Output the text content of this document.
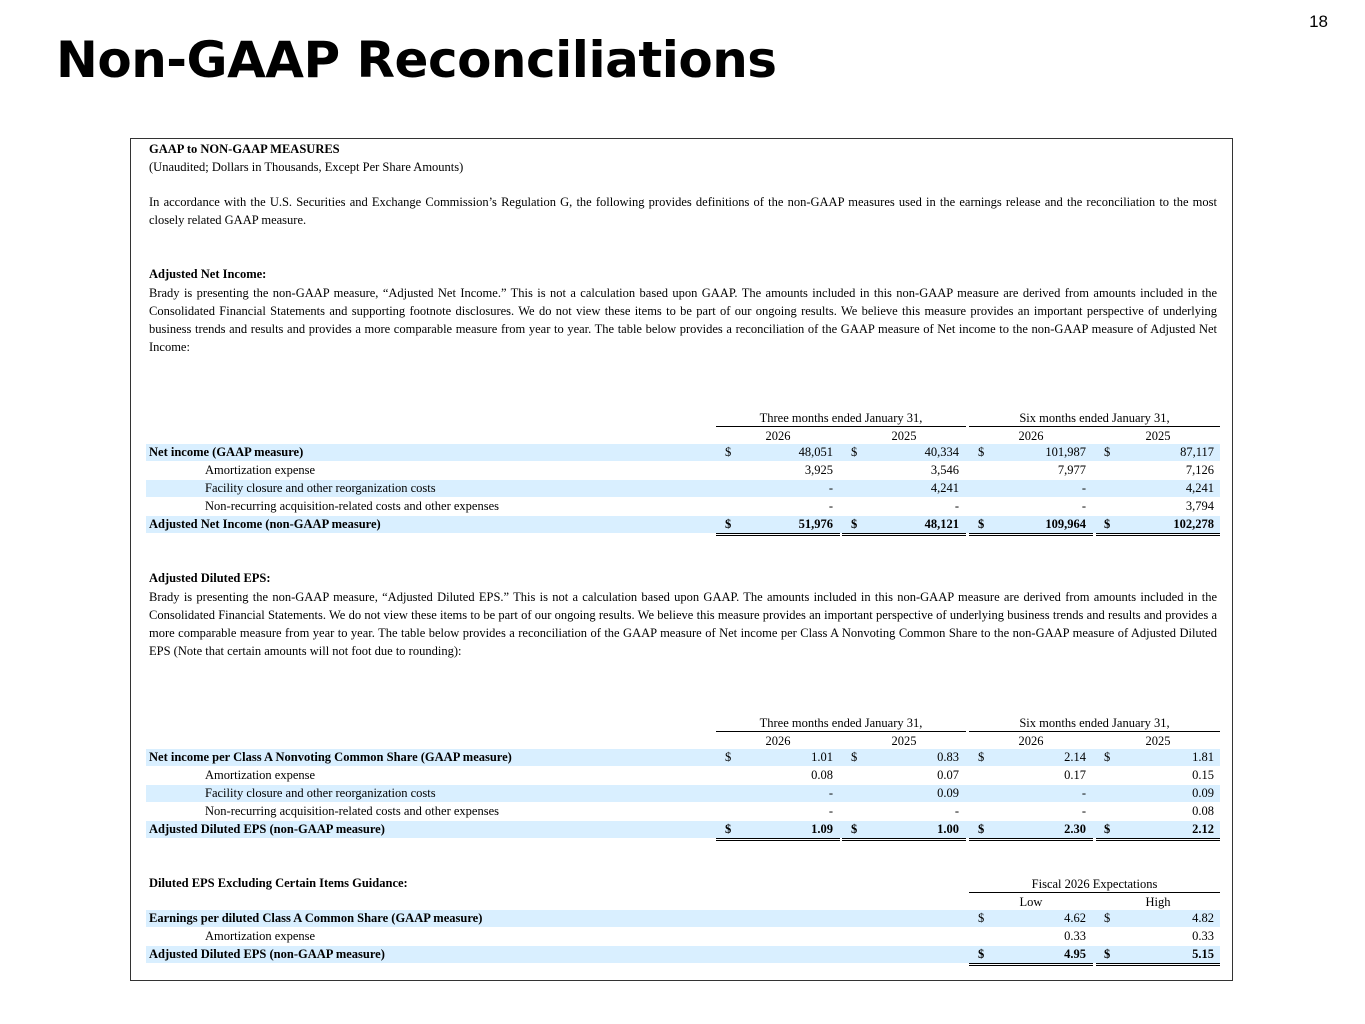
Non-GAAP Reconciliations
18
GAAP to NON-GAAP MEASURES
(Unaudited; Dollars in Thousands, Except Per Share Amounts)

In accordance with the U.S. Securities and Exchange Commission’s Regulation G, the following provides definitions of the non-GAAP measures used in the earnings release and the reconciliation to the most closely related GAAP measure.

Adjusted Net Income:

Brady is presenting the non-GAAP measure, “Adjusted Net Income.” This is not a calculation based upon GAAP. The amounts included in this non-GAAP measure are derived from amounts included in the Consolidated Financial Statements and supporting footnote disclosures. We do not view these items to be part of our ongoing results. We believe this measure provides an important perspective of underlying business trends and results and provides a more comparable measure from year to year. The table below provides a reconciliation of the GAAP measure of Net income to the non-GAAP measure of Adjusted Net Income:

Three months ended January 31,	Six months ended January 31,
2026	2025	2026	2025
Net income (GAAP measure)	$	48,051 $	40,334 $	101,987 $	87,117
Amortization expense	3,925	3,546	7,977	7,126
Facility closure and other reorganization costs	-	4,241	-	4,241
Non-recurring acquisition-related costs and other expenses	-	-	-	3,794
Adjusted Net Income (non-GAAP measure)	$	51,976 $	48,121 $	109,964 $	102,278
Adjusted Diluted EPS:

Brady is presenting the non-GAAP measure, “Adjusted Diluted EPS.” This is not a calculation based upon GAAP. The amounts included in this non-GAAP measure are derived from amounts included in the Consolidated Financial Statements. We do not view these items to be part of our ongoing results. We believe this measure provides an important perspective of underlying business trends and results and provides a more comparable measure from year to year. The table below provides a reconciliation of the GAAP measure of Net income per Class A Nonvoting Common Share to the non-GAAP measure of Adjusted Diluted EPS (Note that certain amounts will not foot due to rounding):

Three months ended January 31,	Six months ended January 31,
2026	2025	2026	2025
Net income per Class A Nonvoting Common Share (GAAP measure)	$	1.01 $	0.83 $	2.14 $	1.81
Amortization expense	0.08	0.07	0.17	0.15
Facility closure and other reorganization costs	-	0.09	-	0.09
Non-recurring acquisition-related costs and other expenses	-	-	-	0.08
Adjusted Diluted EPS (non-GAAP measure)	$	1.09 $	1.00 $	2.30 $	2.12
Diluted EPS Excluding Certain Items Guidance:	Fiscal 2026 Expectations
Low	High
Earnings per diluted Class A Common Share (GAAP measure)	$	4.62 $	4.82
Amortization expense	0.33	0.33
Adjusted Diluted EPS (non-GAAP measure)	$	4.95 $	5.15
